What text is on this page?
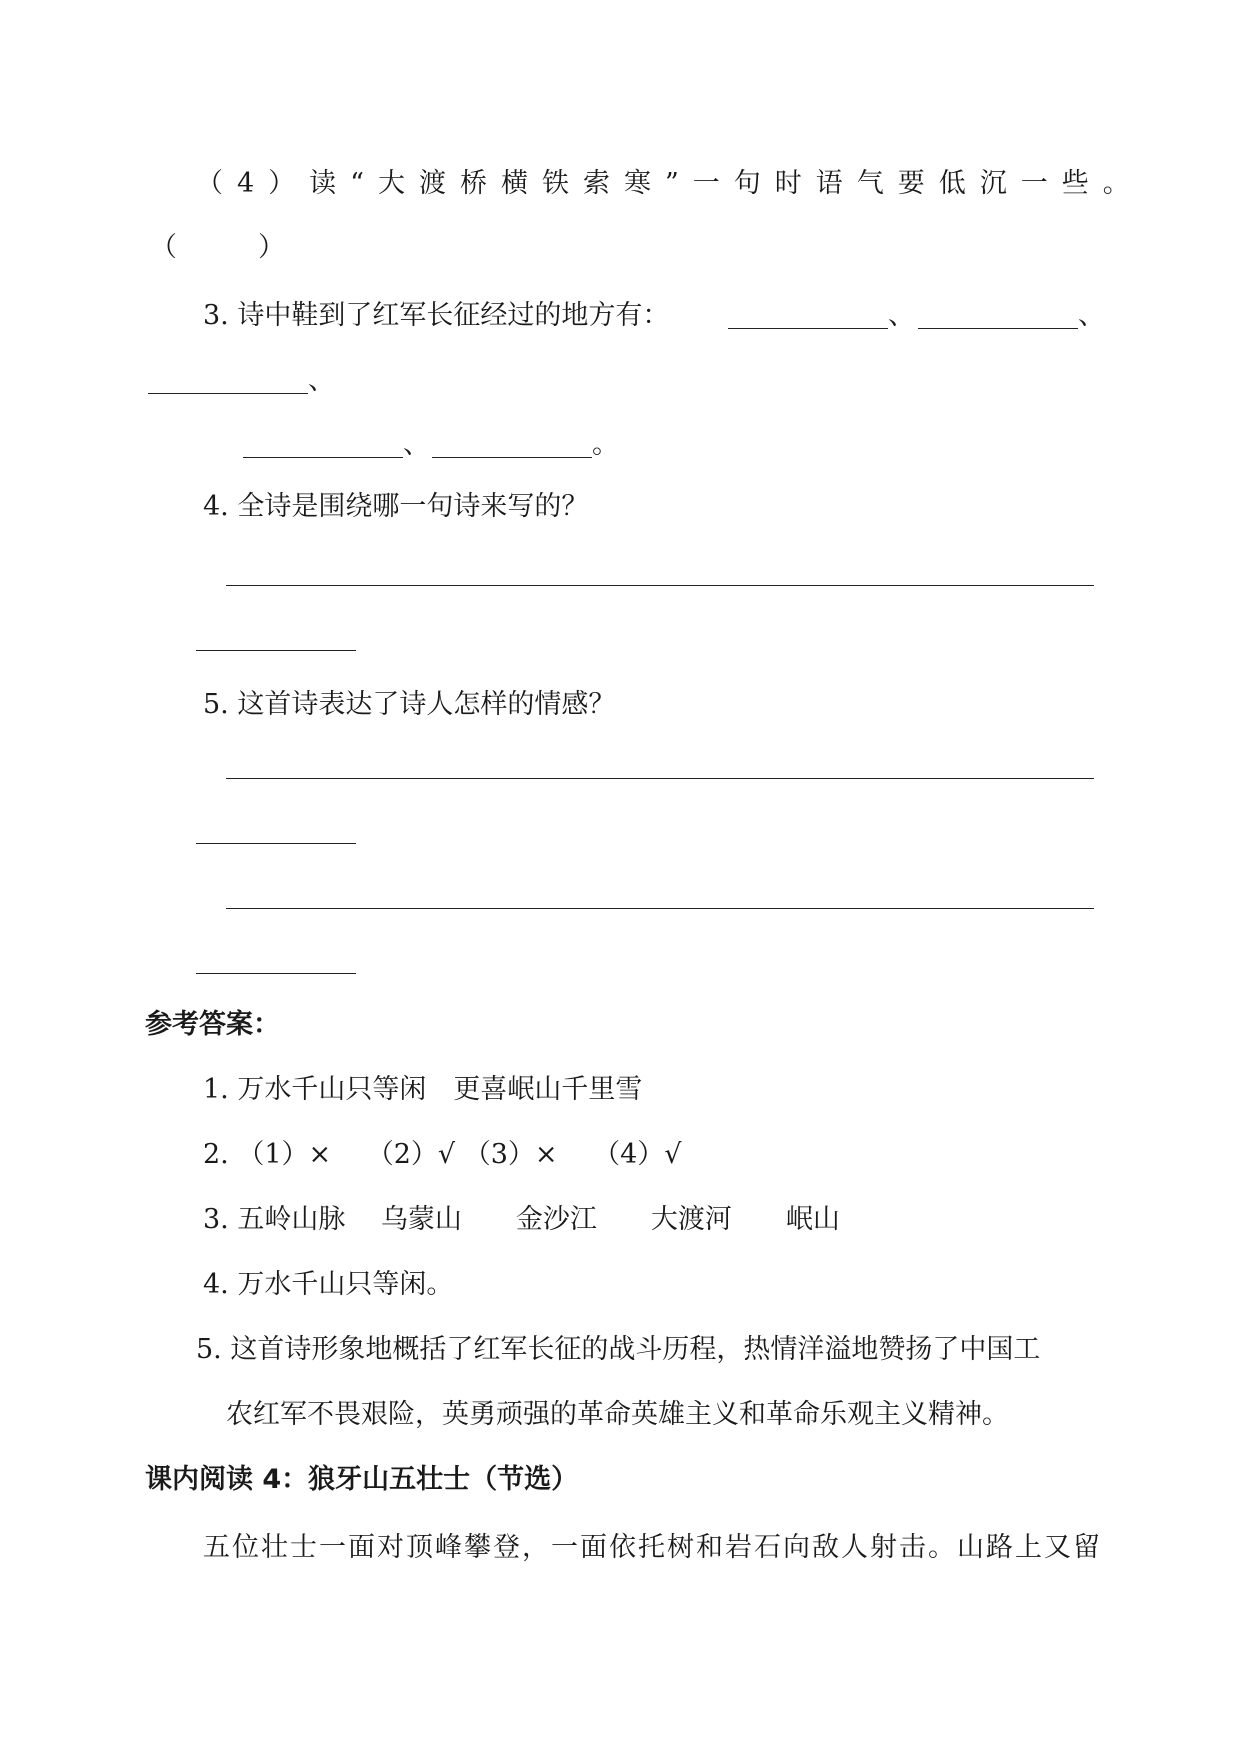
（4）读“大渡桥横铁索寒”一句时语气要低沉一些。
（　　　）
3. 诗中鞋到了红军长征经过的地方有：	、	、
、
、	。
4. 全诗是围绕哪一句诗来写的？
5. 这首诗表达了诗人怎样的情感？
参考答案：
1. 万水千山只等闲　更喜岷山千里雪
2. （1）×　 （2）√ （3）×　 （4）√
3. 五岭山脉　 乌蒙山　　金沙江　　大渡河　　岷山
4. 万水千山只等闲。
5. 这首诗形象地概括了红军长征的战斗历程，热情洋溢地赞扬了中国工
农红军不畏艰险，英勇顽强的革命英雄主义和革命乐观主义精神。
课内阅读 4：狼牙山五壮士（节选）
五位壮士一面对顶峰攀登，一面依托树和岩石向敌人射击。山路上又留
